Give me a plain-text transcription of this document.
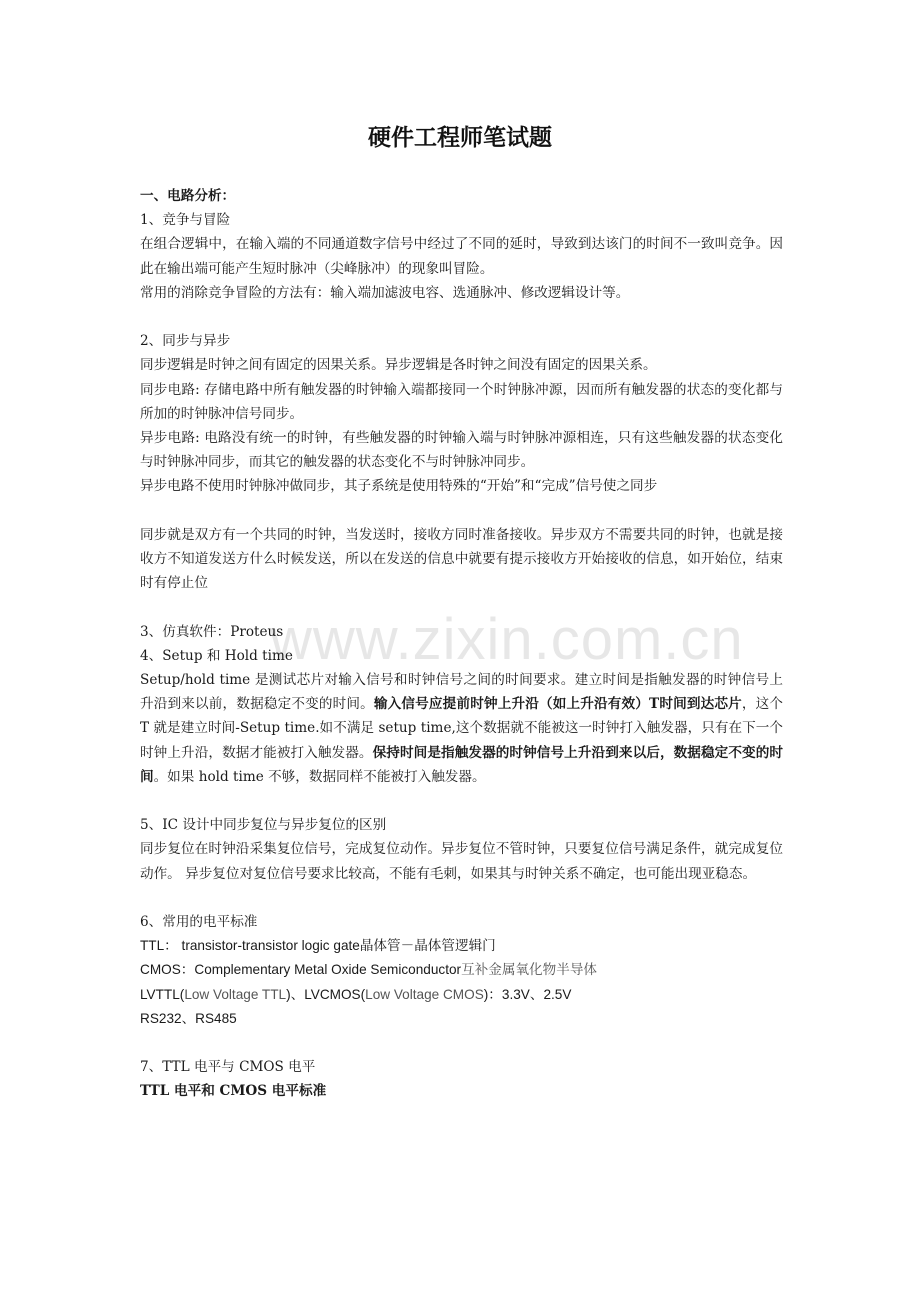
www.zixin.com.cn
硬件工程师笔试题

一、电路分析：

1、竞争与冒险

在组合逻辑中，在输入端的不同通道数字信号中经过了不同的延时，导致到达该门的时间不一致叫竞争。因此在输出端可能产生短时脉冲（尖峰脉冲）的现象叫冒险。

常用的消除竞争冒险的方法有：输入端加滤波电容、选通脉冲、修改逻辑设计等。

2、同步与异步

同步逻辑是时钟之间有固定的因果关系。异步逻辑是各时钟之间没有固定的因果关系。

同步电路: 存储电路中所有触发器的时钟输入端都接同一个时钟脉冲源，因而所有触发器的状态的变化都与所加的时钟脉冲信号同步。

异步电路: 电路没有统一的时钟，有些触发器的时钟输入端与时钟脉冲源相连，只有这些触发器的状态变化与时钟脉冲同步，而其它的触发器的状态变化不与时钟脉冲同步。

异步电路不使用时钟脉冲做同步，其子系统是使用特殊的“开始”和“完成”信号使之同步

同步就是双方有一个共同的时钟，当发送时，接收方同时准备接收。异步双方不需要共同的时钟，也就是接收方不知道发送方什么时候发送，所以在发送的信息中就要有提示接收方开始接收的信息，如开始位，结束时有停止位

3、仿真软件：Proteus

4、Setup 和 Hold time

Setup/hold time 是测试芯片对输入信号和时钟信号之间的时间要求。建立时间是指触发器的时钟信号上升沿到来以前，数据稳定不变的时间。输入信号应提前时钟上升沿（如上升沿有效）T时间到达芯片，这个 T 就是建立时间-Setup time.如不满足 setup time,这个数据就不能被这一时钟打入触发器，只有在下一个时钟上升沿，数据才能被打入触发器。保持时间是指触发器的时钟信号上升沿到来以后，数据稳定不变的时间。如果 hold time 不够，数据同样不能被打入触发器。

5、IC 设计中同步复位与异步复位的区别

同步复位在时钟沿采集复位信号，完成复位动作。异步复位不管时钟，只要复位信号满足条件，就完成复位动作。 异步复位对复位信号要求比较高，不能有毛刺，如果其与时钟关系不确定，也可能出现亚稳态。

6、常用的电平标准

TTL： transistor-transistor logic gate晶体管－晶体管逻辑门

CMOS：Complementary Metal Oxide Semiconductor互补金属氧化物半导体

LVTTL(Low Voltage TTL)、LVCMOS(Low Voltage CMOS)：3.3V、2.5V

RS232、RS485

7、TTL 电平与 CMOS 电平

TTL 电平和 CMOS 电平标准
